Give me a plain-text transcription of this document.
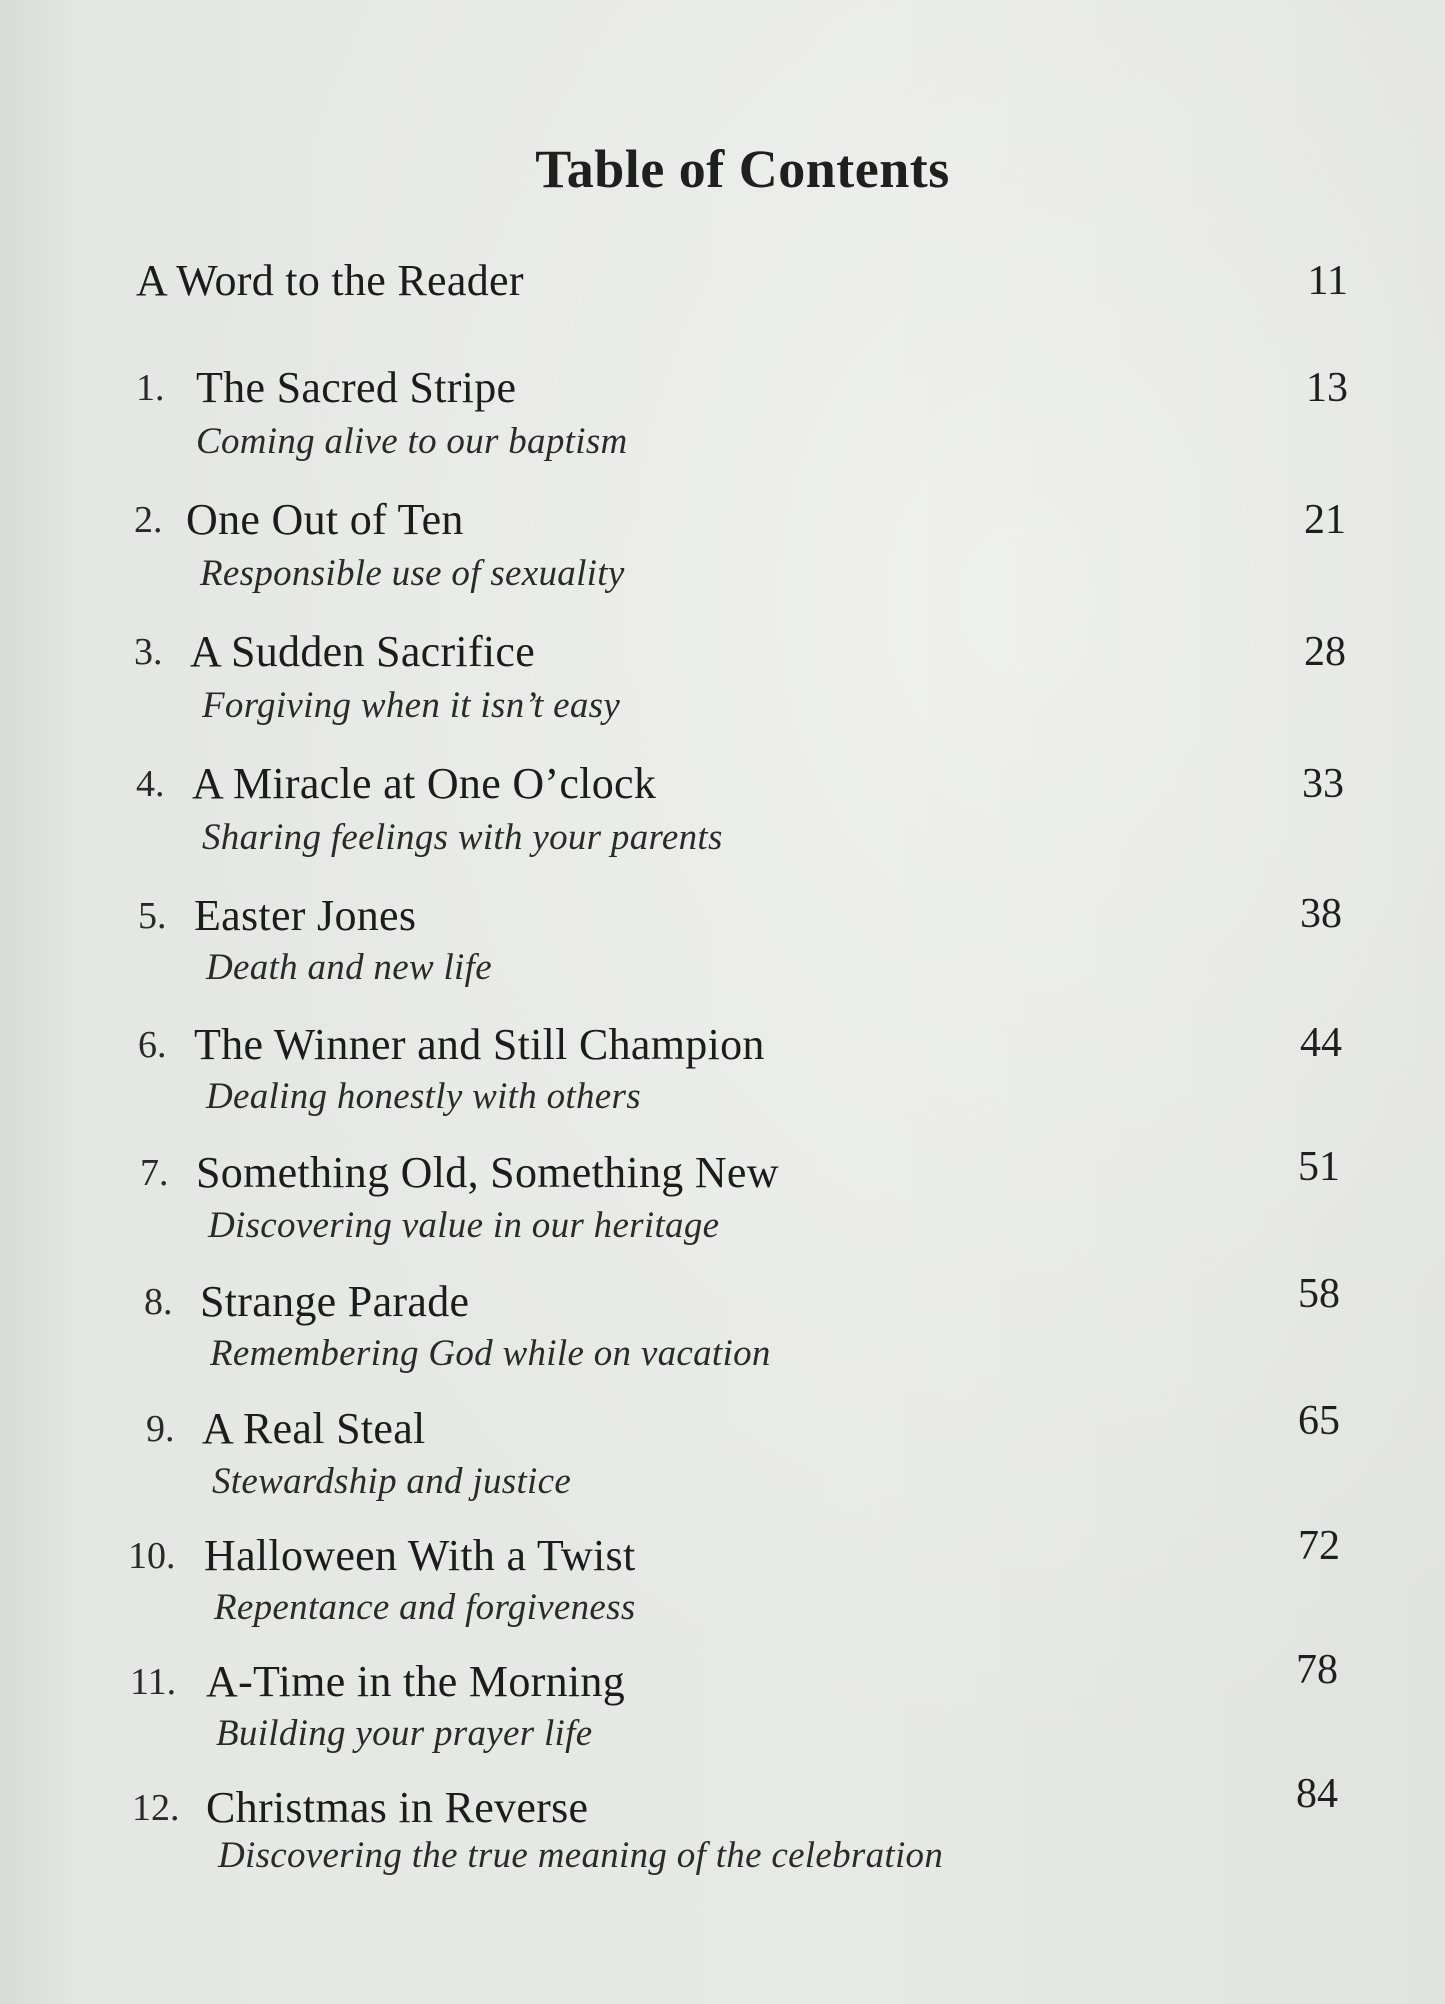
Table of Contents
A Word to the Reader	11
1. The Sacred Stripe	13
Coming alive to our baptism
2. One Out of Ten	21
Responsible use of sexuality
3. A Sudden Sacrifice	28
Forgiving when it isn’t easy
4. A Miracle at One O’clock	33
Sharing feelings with your parents
5. Easter Jones	38
Death and new life
6. The Winner and Still Champion	44
Dealing honestly with others
7. Something Old, Something New	51
Discovering value in our heritage
8. Strange Parade	58
Remembering God while on vacation
9. A Real Steal	65
Stewardship and justice
10. Halloween With a Twist	72
Repentance and forgiveness
11. A-Time in the Morning	78
Building your prayer life
12. Christmas in Reverse	84
Discovering the true meaning of the celebration
